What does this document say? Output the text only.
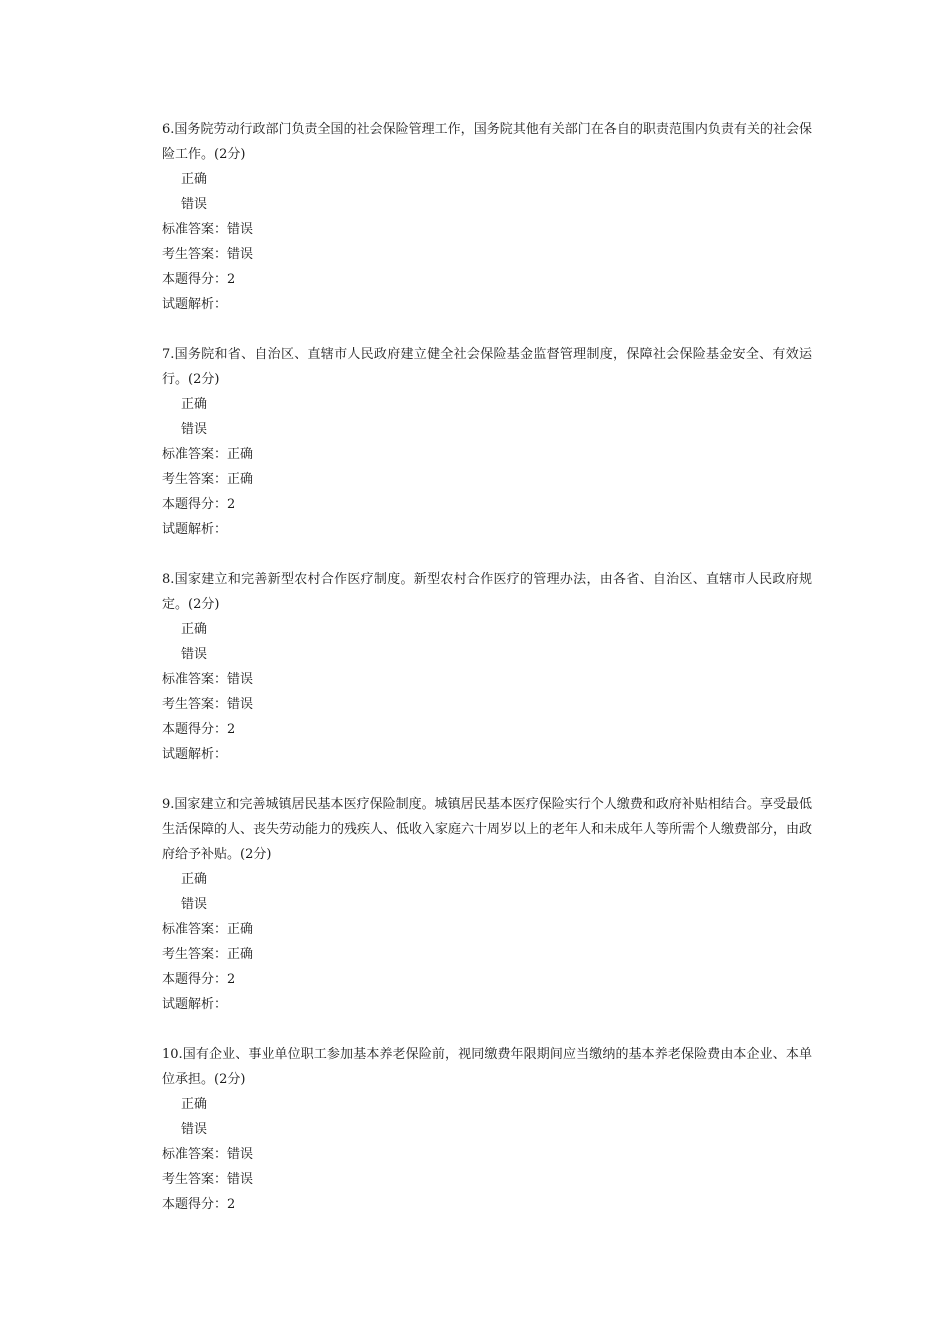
6.国务院劳动行政部门负责全国的社会保险管理工作，国务院其他有关部门在各自的职责范围内负责有关的社会保险工作。(2分)

正确
错误
标准答案：错误
考生答案：错误
本题得分：2
试题解析：

7.国务院和省、自治区、直辖市人民政府建立健全社会保险基金监督管理制度，保障社会保险基金安全、有效运行。(2分)

正确
错误
标准答案：正确
考生答案：正确
本题得分：2
试题解析：

8.国家建立和完善新型农村合作医疗制度。新型农村合作医疗的管理办法，由各省、自治区、直辖市人民政府规定。(2分)

正确
错误
标准答案：错误
考生答案：错误
本题得分：2
试题解析：

9.国家建立和完善城镇居民基本医疗保险制度。城镇居民基本医疗保险实行个人缴费和政府补贴相结合。享受最低生活保障的人、丧失劳动能力的残疾人、低收入家庭六十周岁以上的老年人和未成年人等所需个人缴费部分，由政府给予补贴。(2分)

正确
错误
标准答案：正确
考生答案：正确
本题得分：2
试题解析：

10.国有企业、事业单位职工参加基本养老保险前，视同缴费年限期间应当缴纳的基本养老保险费由本企业、本单位承担。(2分)

正确
错误
标准答案：错误
考生答案：错误
本题得分：2
